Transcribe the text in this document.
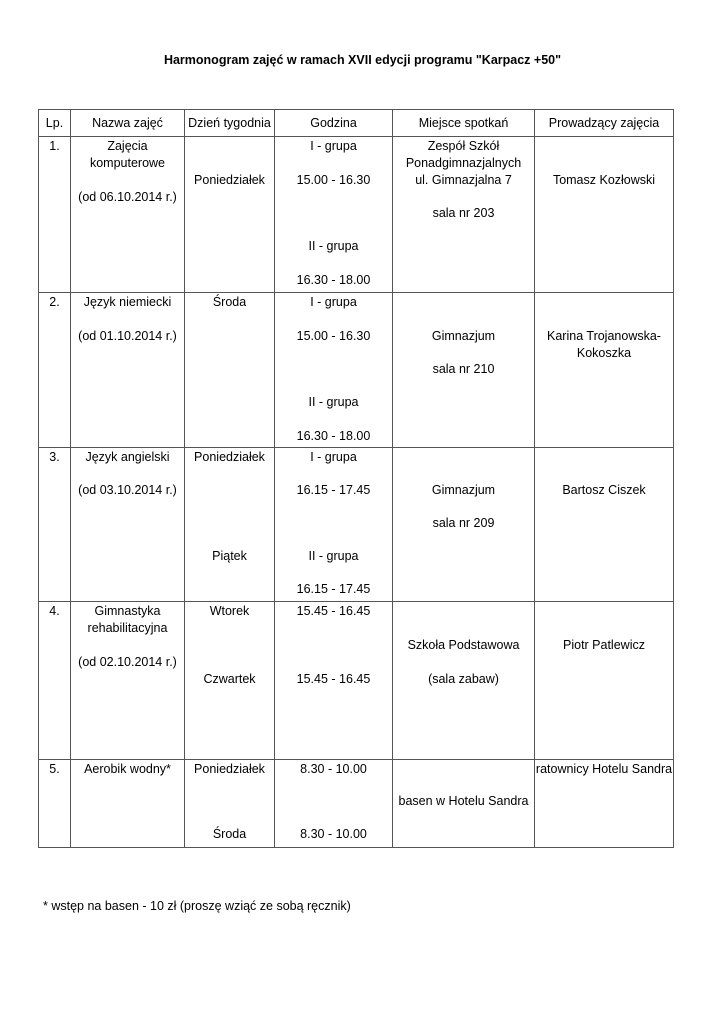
Harmonogram zajęć w ramach XVII edycji programu "Karpacz +50"
Lp.	Nazwa zajęć	Dzień tygodnia	Godzina	Miejsce spotkań	Prowadzący zajęcia

1.	Zajęcia
komputerowe
(od 06.10.2014 r.)	Poniedziałek	I - grupa
15.00 - 16.30
II - grupa
16.30 - 18.00	Zespół Szkół
Ponadgimnazjalnych
ul. Gimnazjalna 7
sala nr 203	Tomasz Kozłowski

2.	Język niemiecki
(od 01.10.2014 r.)	Środa	I - grupa
15.00 - 16.30
II - grupa
16.30 - 18.00	Gimnazjum
sala nr 210	Karina Trojanowska-
Kokoszka

3.	Język angielski
(od 03.10.2014 r.)	Poniedziałek
Piątek	I - grupa
16.15 - 17.45
II - grupa
16.15 - 17.45	Gimnazjum
sala nr 209	Bartosz Ciszek

4.	Gimnastyka
rehabilitacyjna
(od 02.10.2014 r.)	Wtorek
Czwartek	15.45 - 16.45
15.45 - 16.45	Szkoła Podstawowa
(sala zabaw)	Piotr Patlewicz

5.	Aerobik wodny*	Poniedziałek
Środa	8.30 - 10.00
8.30 - 10.00	basen w Hotelu Sandra	ratownicy Hotelu Sandra
* wstęp na basen - 10 zł (proszę wziąć ze sobą ręcznik)
